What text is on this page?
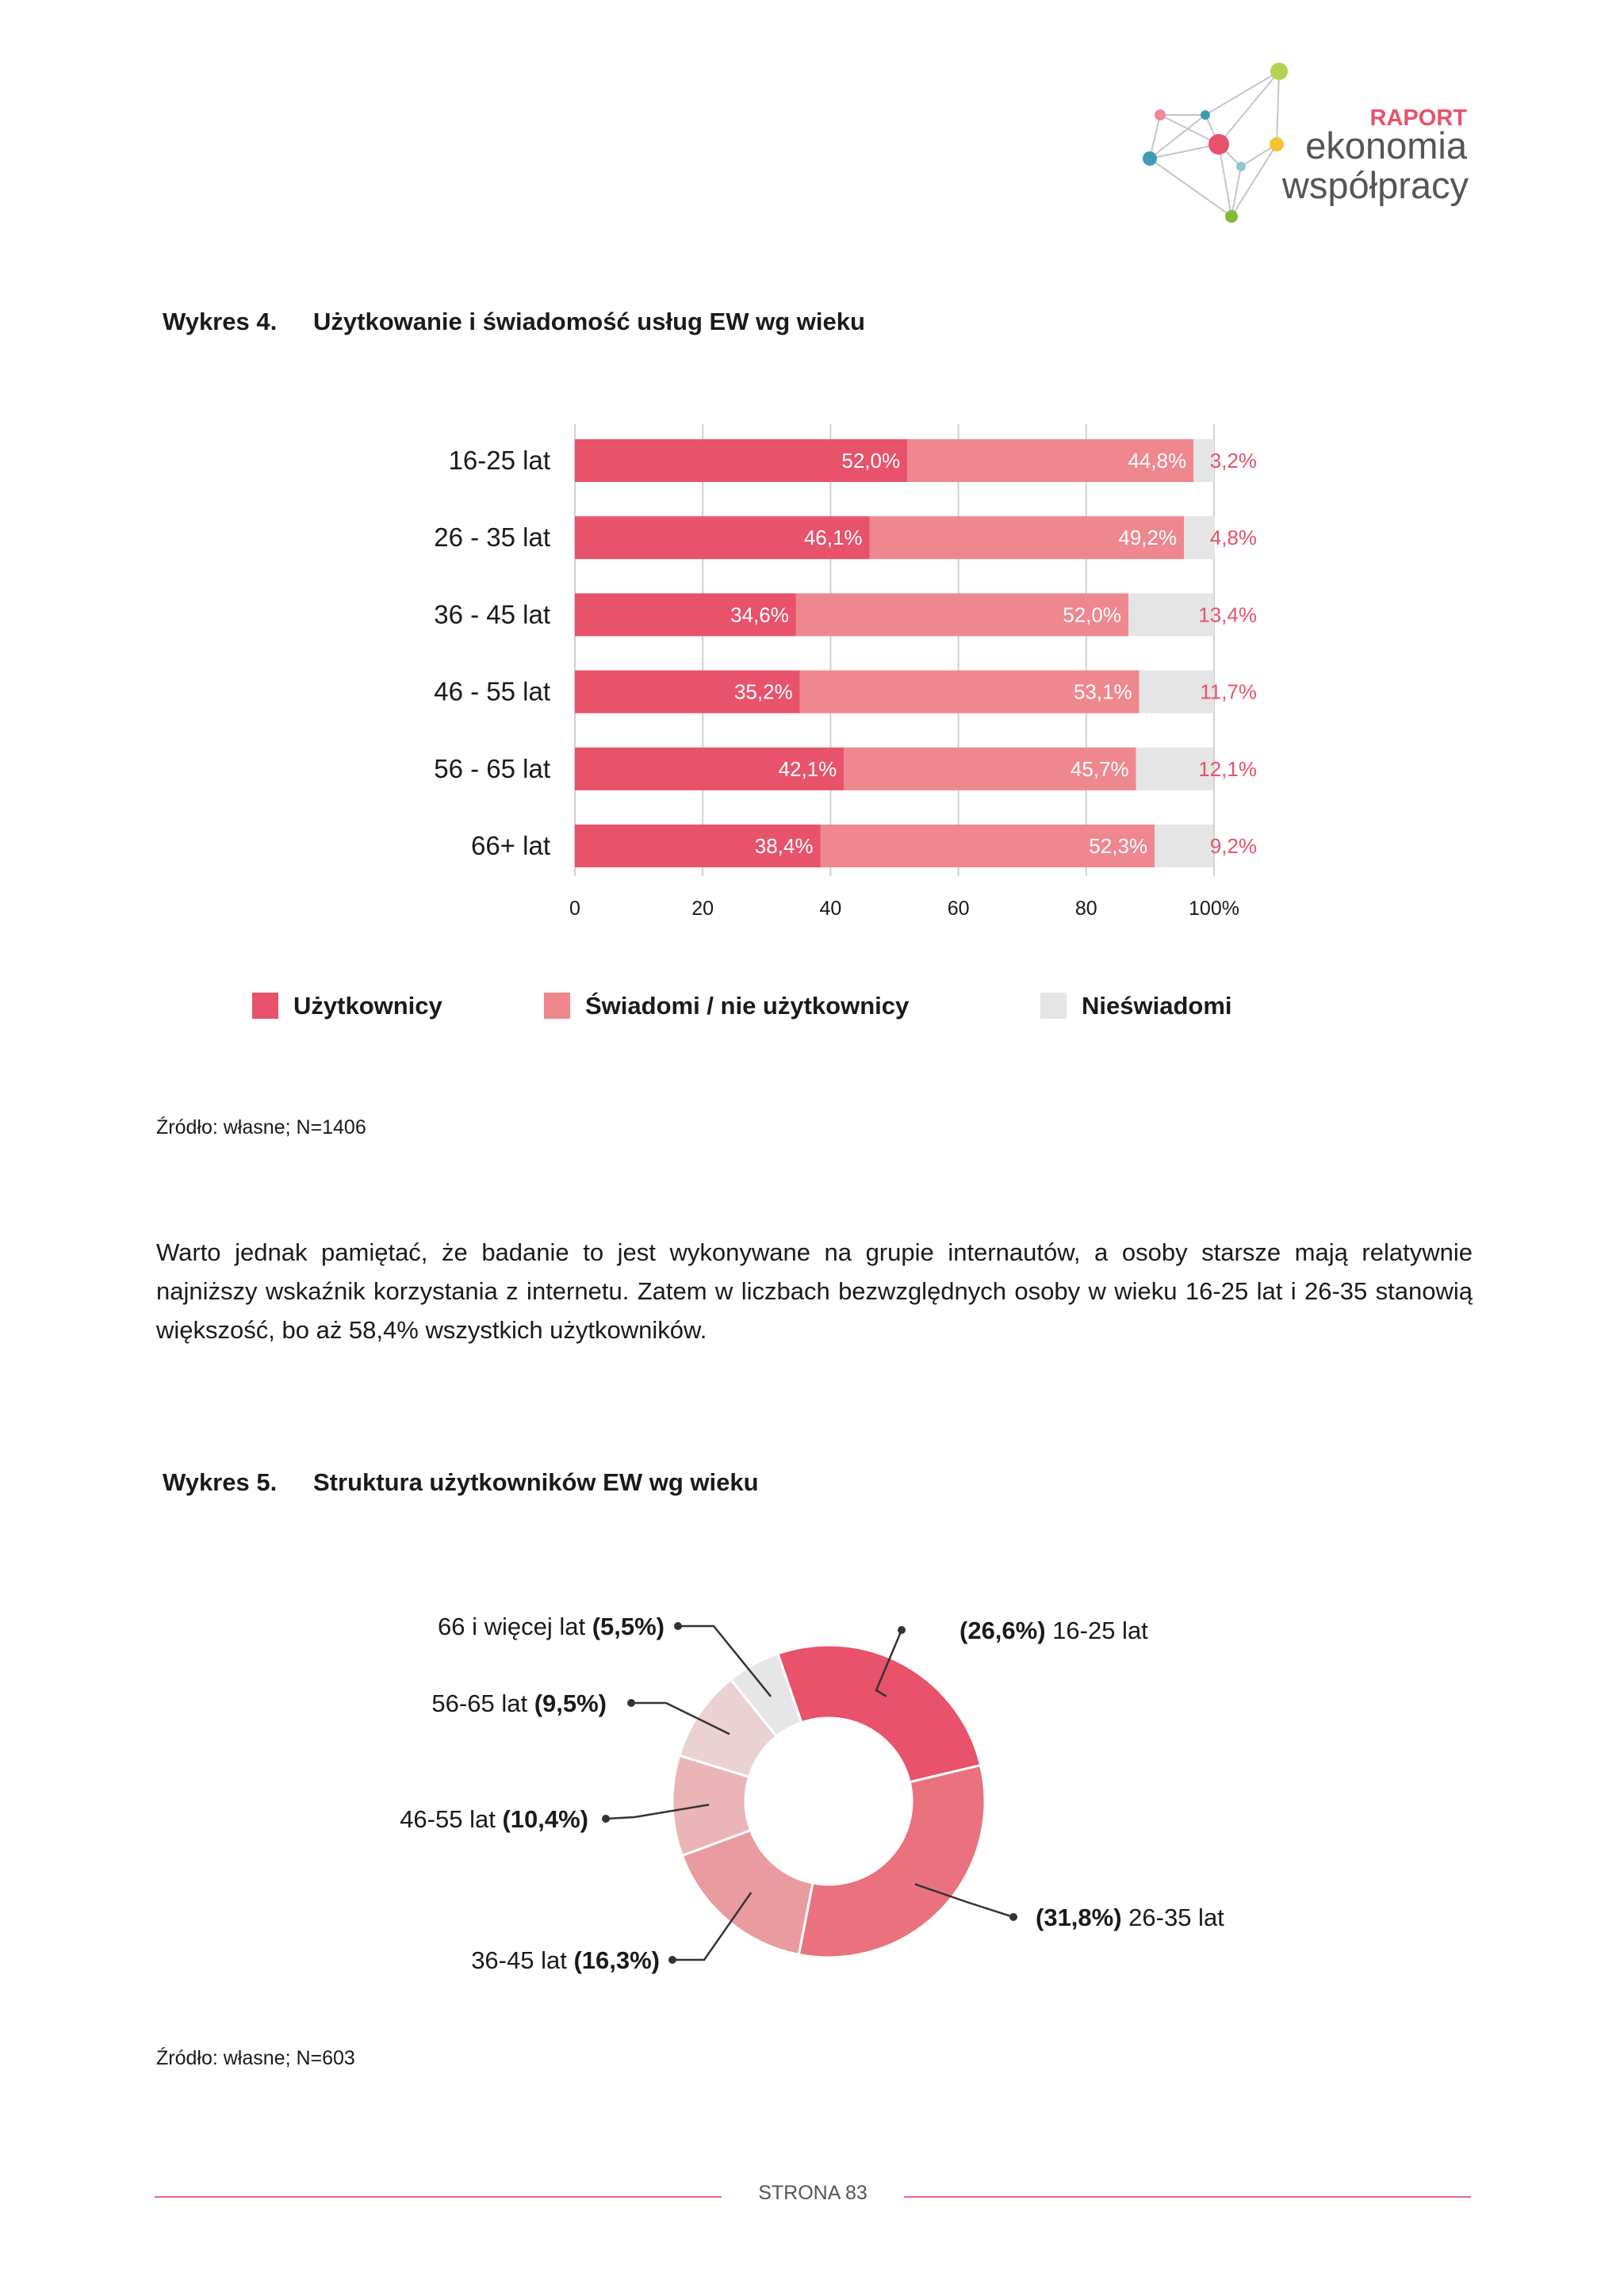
RAPORT
ekonomia
współpracy
Wykres 4. Użytkowanie i świadomość usług EW wg wieku
52,0%	44,8% 3,2%
46,1%	49,2% 4,8%
34,6%	52,0%	13,4%
35,2%	53,1%	11,7%
42,1%	45,7%	12,1%
38,4%	52,3%	9,2%
16-25 lat
26 - 35 lat
36 - 45 lat
46 - 55 lat
56 - 65 lat
66+ lat
0	20	40	60	80	100%
Użytkownicy	Świadomi / nie użytkownicy	Nieświadomi
Źródło: własne; N=1406
Warto jednak pamiętać, że badanie to jest wykonywane na grupie internautów, a osoby starsze mają relatywnie najniższy wskaźnik korzystania z internetu. Zatem w liczbach bezwzględnych osoby w wieku 16-25 lat i 26-35 stanowią większość, bo aż 58,4% wszystkich użytkowników.
Wykres 5. Struktura użytkowników EW wg wieku
(26,6%) 16-25 lat
(31,8%) 26-35 lat
36-45 lat (16,3%)
46-55 lat (10,4%)
56-65 lat (9,5%)
66 i więcej lat (5,5%)
Źródło: własne; N=603
STRONA 83
